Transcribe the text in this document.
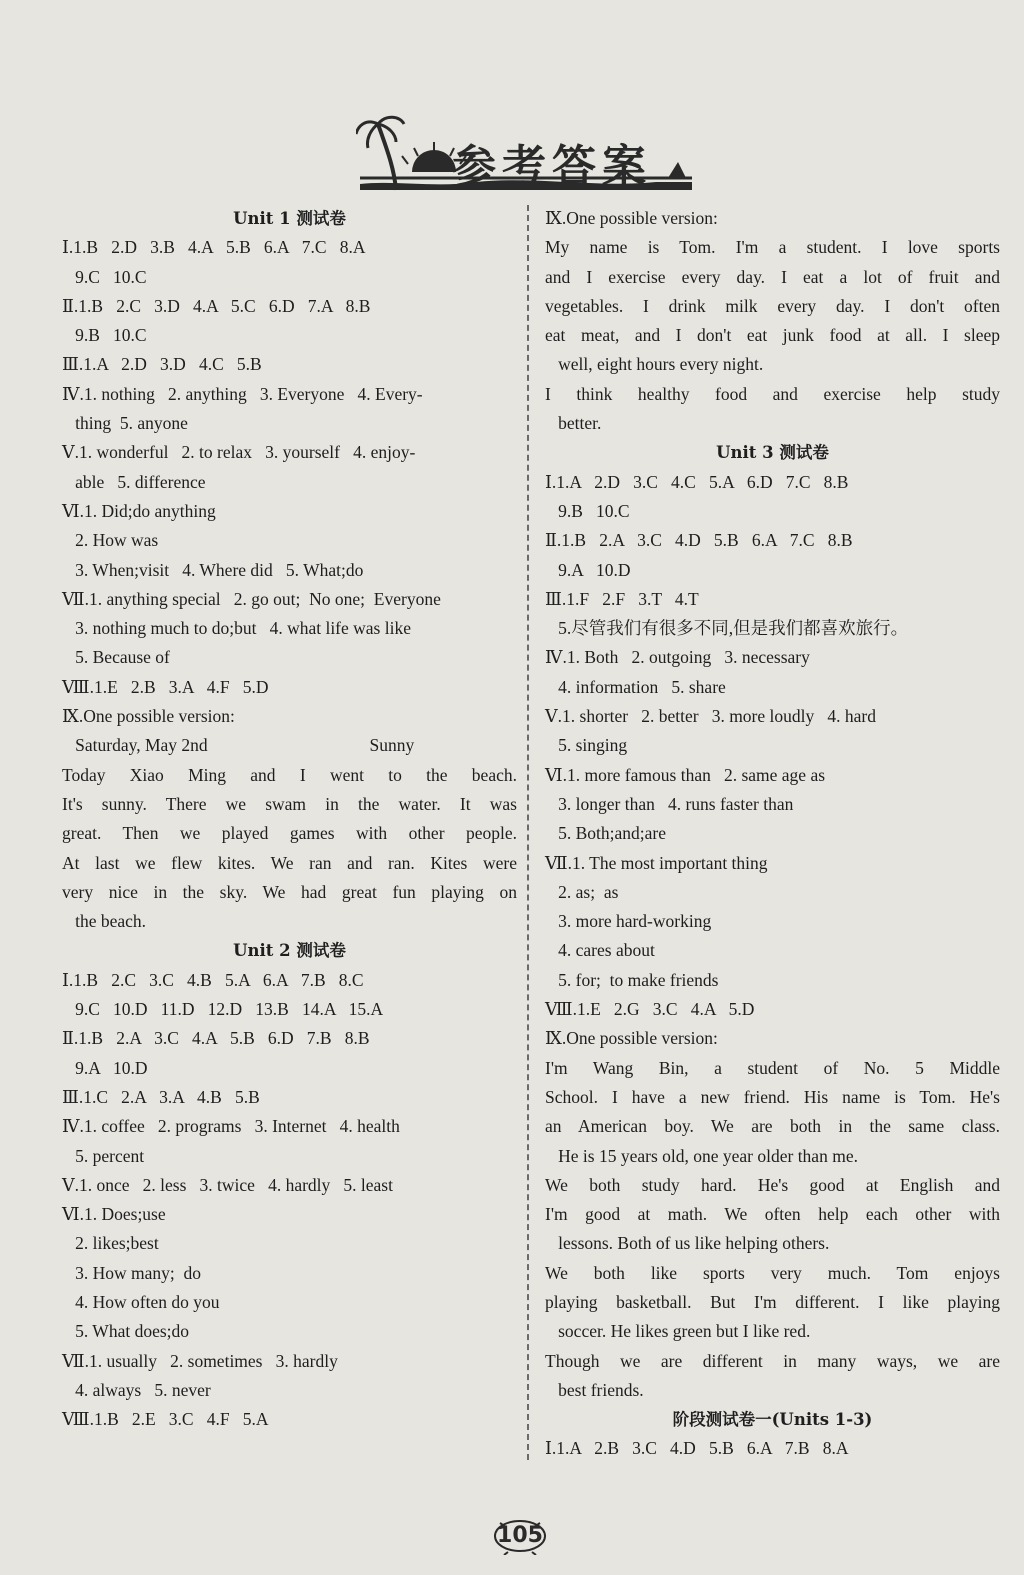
参考答案
Unit 1 测试卷
Ⅰ.1.B   2.D   3.B   4.A   5.B   6.A   7.C   8.A
9.C   10.C
Ⅱ.1.B   2.C   3.D   4.A   5.C   6.D   7.A   8.B
9.B   10.C
Ⅲ.1.A   2.D   3.D   4.C   5.B
Ⅳ.1. nothing   2. anything   3. Everyone   4. Every-
thing  5. anyone
Ⅴ.1. wonderful   2. to relax   3. yourself   4. enjoy-
able   5. difference
Ⅵ.1. Did;do anything
2. How was
3. When;visit   4. Where did   5. What;do
Ⅶ.1. anything special   2. go out;  No one;  Everyone
3. nothing much to do;but   4. what life was like
5. Because of
Ⅷ.1.E   2.B   3.A   4.F   5.D
Ⅸ.One possible version:
Saturday, May 2nd                                     Sunny
Today Xiao Ming and I went to the beach.
It's sunny. There we swam in the water. It was
great. Then we played games with other people.
At last we flew kites. We ran and ran. Kites were
very nice in the sky. We had great fun playing on
the beach.
Unit 2 测试卷
Ⅰ.1.B   2.C   3.C   4.B   5.A   6.A   7.B   8.C
9.C   10.D   11.D   12.D   13.B   14.A   15.A
Ⅱ.1.B   2.A   3.C   4.A   5.B   6.D   7.B   8.B
9.A   10.D
Ⅲ.1.C   2.A   3.A   4.B   5.B
Ⅳ.1. coffee   2. programs   3. Internet   4. health
5. percent
Ⅴ.1. once   2. less   3. twice   4. hardly   5. least
Ⅵ.1. Does;use
2. likes;best
3. How many;  do
4. How often do you
5. What does;do
Ⅶ.1. usually   2. sometimes   3. hardly
4. always   5. never
Ⅷ.1.B   2.E   3.C   4.F   5.A
Ⅸ.One possible version:
My name is Tom. I'm a student. I love sports
and I exercise every day. I eat a lot of fruit and
vegetables. I drink milk every day. I don't often
eat meat, and I don't eat junk food at all. I sleep
well, eight hours every night.
I think healthy food and exercise help study
better.
Unit 3 测试卷
Ⅰ.1.A   2.D   3.C   4.C   5.A   6.D   7.C   8.B
9.B   10.C
Ⅱ.1.B   2.A   3.C   4.D   5.B   6.A   7.C   8.B
9.A   10.D
Ⅲ.1.F   2.F   3.T   4.T
5.尽管我们有很多不同,但是我们都喜欢旅行。
Ⅳ.1. Both   2. outgoing   3. necessary
4. information   5. share
Ⅴ.1. shorter   2. better   3. more loudly   4. hard
5. singing
Ⅵ.1. more famous than   2. same age as
3. longer than   4. runs faster than
5. Both;and;are
Ⅶ.1. The most important thing
2. as;  as
3. more hard-working
4. cares about
5. for;  to make friends
Ⅷ.1.E   2.G   3.C   4.A   5.D
Ⅸ.One possible version:
I'm Wang Bin, a student of No. 5 Middle
School. I have a new friend. His name is Tom. He's
an American boy. We are both in the same class.
He is 15 years old, one year older than me.
We both study hard. He's good at English and
I'm good at math. We often help each other with
lessons. Both of us like helping others.
We both like sports very much. Tom enjoys
playing basketball. But I'm different. I like playing
soccer. He likes green but I like red.
Though we are different in many ways, we are
best friends.
阶段测试卷一(Units 1-3)
Ⅰ.1.A   2.B   3.C   4.D   5.B   6.A   7.B   8.A
105
